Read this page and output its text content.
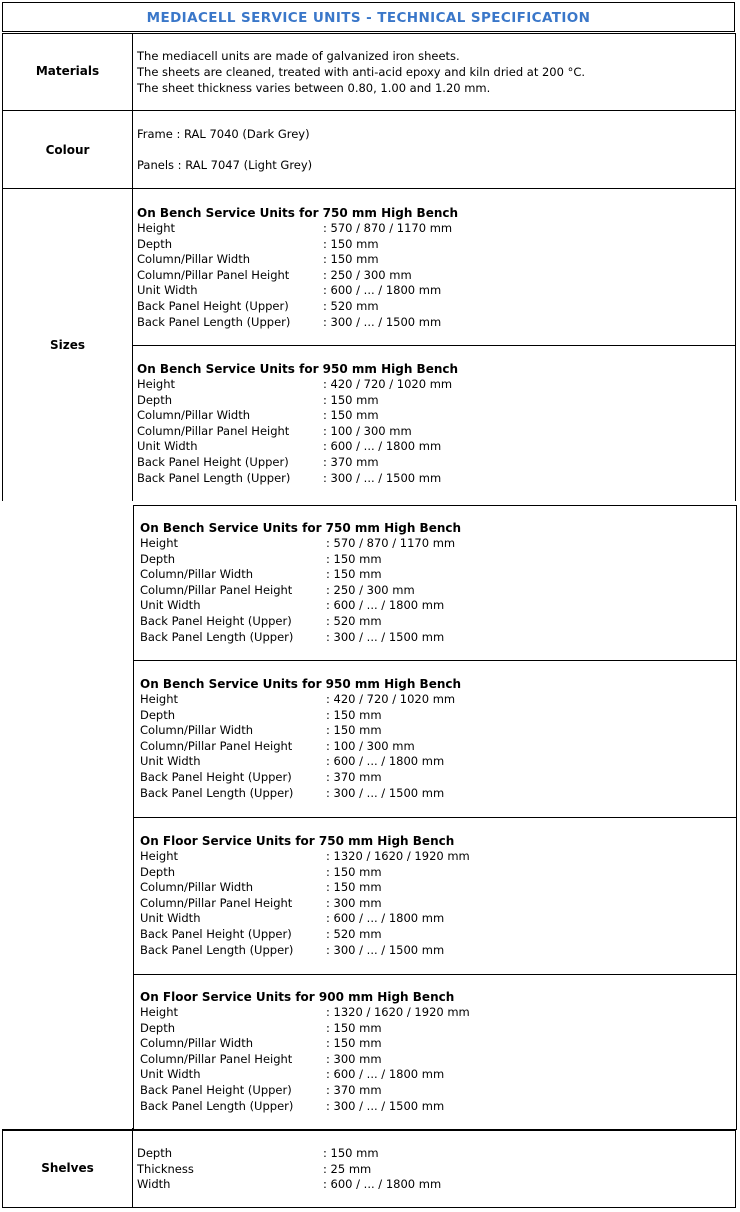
MEDIACELL SERVICE UNITS - TECHNICAL SPECIFICATION
Materials
The mediacell units are made of galvanized iron sheets.
The sheets are cleaned, treated with anti-acid epoxy and kiln dried at 200 °C.
The sheet thickness varies between 0.80, 1.00 and 1.20 mm.
Colour
Frame : RAL 7040 (Dark Grey)
Panels : RAL 7047 (Light Grey)
Sizes
On Bench Service Units for 750 mm High Bench
Height	: 570 / 870 / 1170 mm
Depth	: 150 mm
Column/Pillar Width	: 150 mm
Column/Pillar Panel Height	: 250 / 300 mm
Unit Width	: 600 / ... / 1800 mm
Back Panel Height (Upper)	: 520 mm
Back Panel Length (Upper)	: 300 / ... / 1500 mm
On Bench Service Units for 950 mm High Bench
Height	: 420 / 720 / 1020 mm
Depth	: 150 mm
Column/Pillar Width	: 150 mm
Column/Pillar Panel Height	: 100 / 300 mm
Unit Width	: 600 / ... / 1800 mm
Back Panel Height (Upper)	: 370 mm
Back Panel Length (Upper)	: 300 / ... / 1500 mm
On Bench Service Units for 750 mm High Bench
Height	: 570 / 870 / 1170 mm
Depth	: 150 mm
Column/Pillar Width	: 150 mm
Column/Pillar Panel Height	: 250 / 300 mm
Unit Width	: 600 / ... / 1800 mm
Back Panel Height (Upper)	: 520 mm
Back Panel Length (Upper)	: 300 / ... / 1500 mm
On Bench Service Units for 950 mm High Bench
Height	: 420 / 720 / 1020 mm
Depth	: 150 mm
Column/Pillar Width	: 150 mm
Column/Pillar Panel Height	: 100 / 300 mm
Unit Width	: 600 / ... / 1800 mm
Back Panel Height (Upper)	: 370 mm
Back Panel Length (Upper)	: 300 / ... / 1500 mm
On Floor Service Units for 750 mm High Bench
Height	: 1320 / 1620 / 1920 mm
Depth	: 150 mm
Column/Pillar Width	: 150 mm
Column/Pillar Panel Height	: 300 mm
Unit Width	: 600 / ... / 1800 mm
Back Panel Height (Upper)	: 520 mm
Back Panel Length (Upper)	: 300 / ... / 1500 mm
On Floor Service Units for 900 mm High Bench
Height	: 1320 / 1620 / 1920 mm
Depth	: 150 mm
Column/Pillar Width	: 150 mm
Column/Pillar Panel Height	: 300 mm
Unit Width	: 600 / ... / 1800 mm
Back Panel Height (Upper)	: 370 mm
Back Panel Length (Upper)	: 300 / ... / 1500 mm
Shelves
Depth	: 150 mm
Thickness	: 25 mm
Width	: 600 / ... / 1800 mm
